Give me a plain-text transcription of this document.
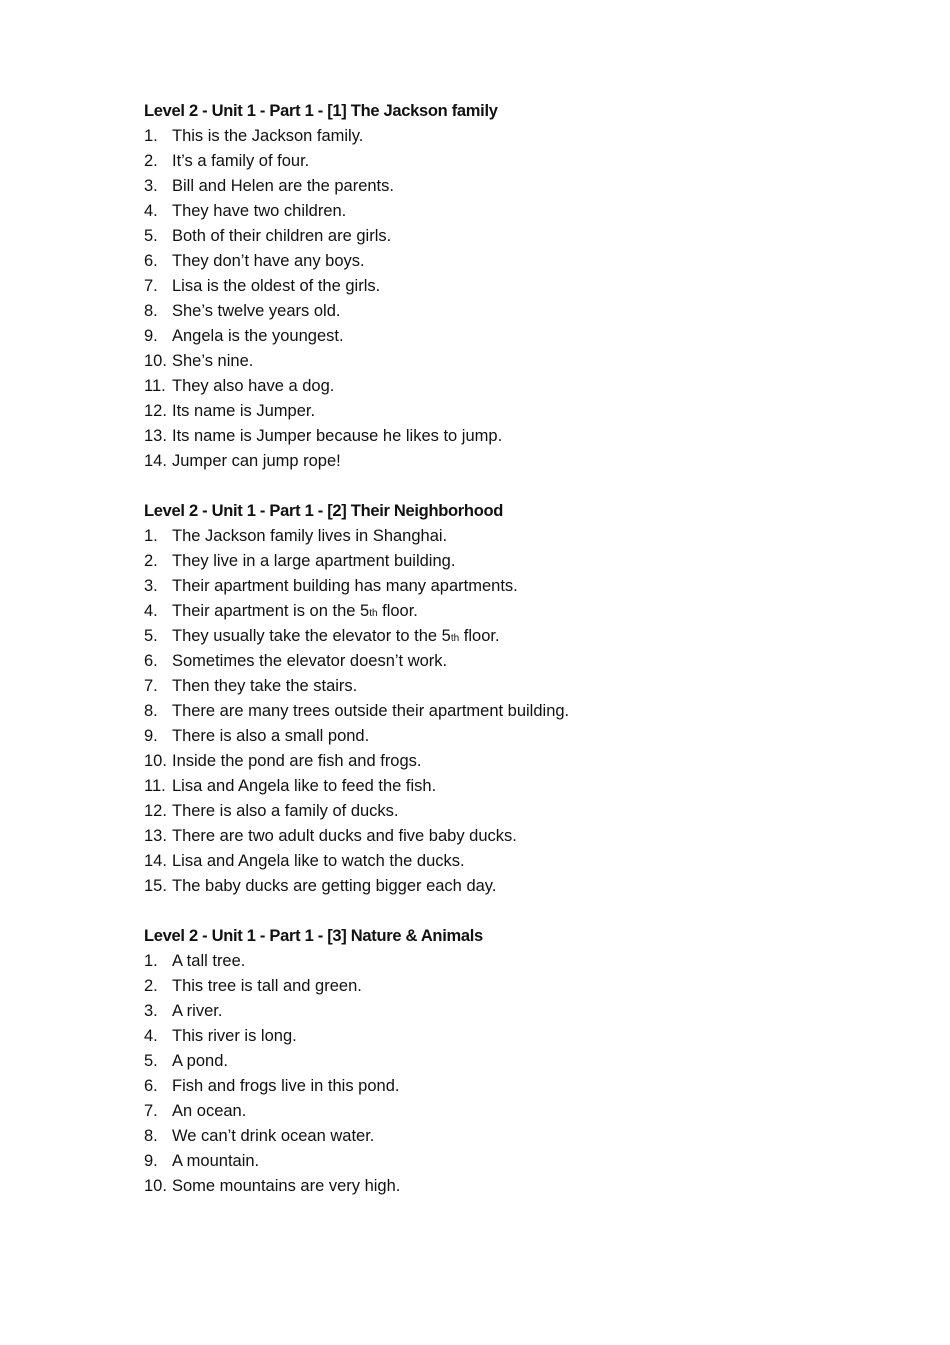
Level 2 - Unit 1 - Part 1 - [1] The Jackson family
1. This is the Jackson family.
2. It’s a family of four.
3. Bill and Helen are the parents.
4. They have two children.
5. Both of their children are girls.
6. They don’t have any boys.
7. Lisa is the oldest of the girls.
8. She’s twelve years old.
9. Angela is the youngest.
10. She’s nine.
11. They also have a dog.
12. Its name is Jumper.
13. Its name is Jumper because he likes to jump.
14. Jumper can jump rope!
Level 2 - Unit 1 - Part 1 - [2] Their Neighborhood
1. The Jackson family lives in Shanghai.
2. They live in a large apartment building.
3. Their apartment building has many apartments.
4. Their apartment is on the 5th floor.
5. They usually take the elevator to the 5th floor.
6. Sometimes the elevator doesn’t work.
7. Then they take the stairs.
8. There are many trees outside their apartment building.
9. There is also a small pond.
10. Inside the pond are fish and frogs.
11. Lisa and Angela like to feed the fish.
12. There is also a family of ducks.
13. There are two adult ducks and five baby ducks.
14. Lisa and Angela like to watch the ducks.
15. The baby ducks are getting bigger each day.
Level 2 - Unit 1 - Part 1 - [3] Nature & Animals
1. A tall tree.
2. This tree is tall and green.
3. A river.
4. This river is long.
5. A pond.
6. Fish and frogs live in this pond.
7. An ocean.
8. We can’t drink ocean water.
9. A mountain.
10. Some mountains are very high.
